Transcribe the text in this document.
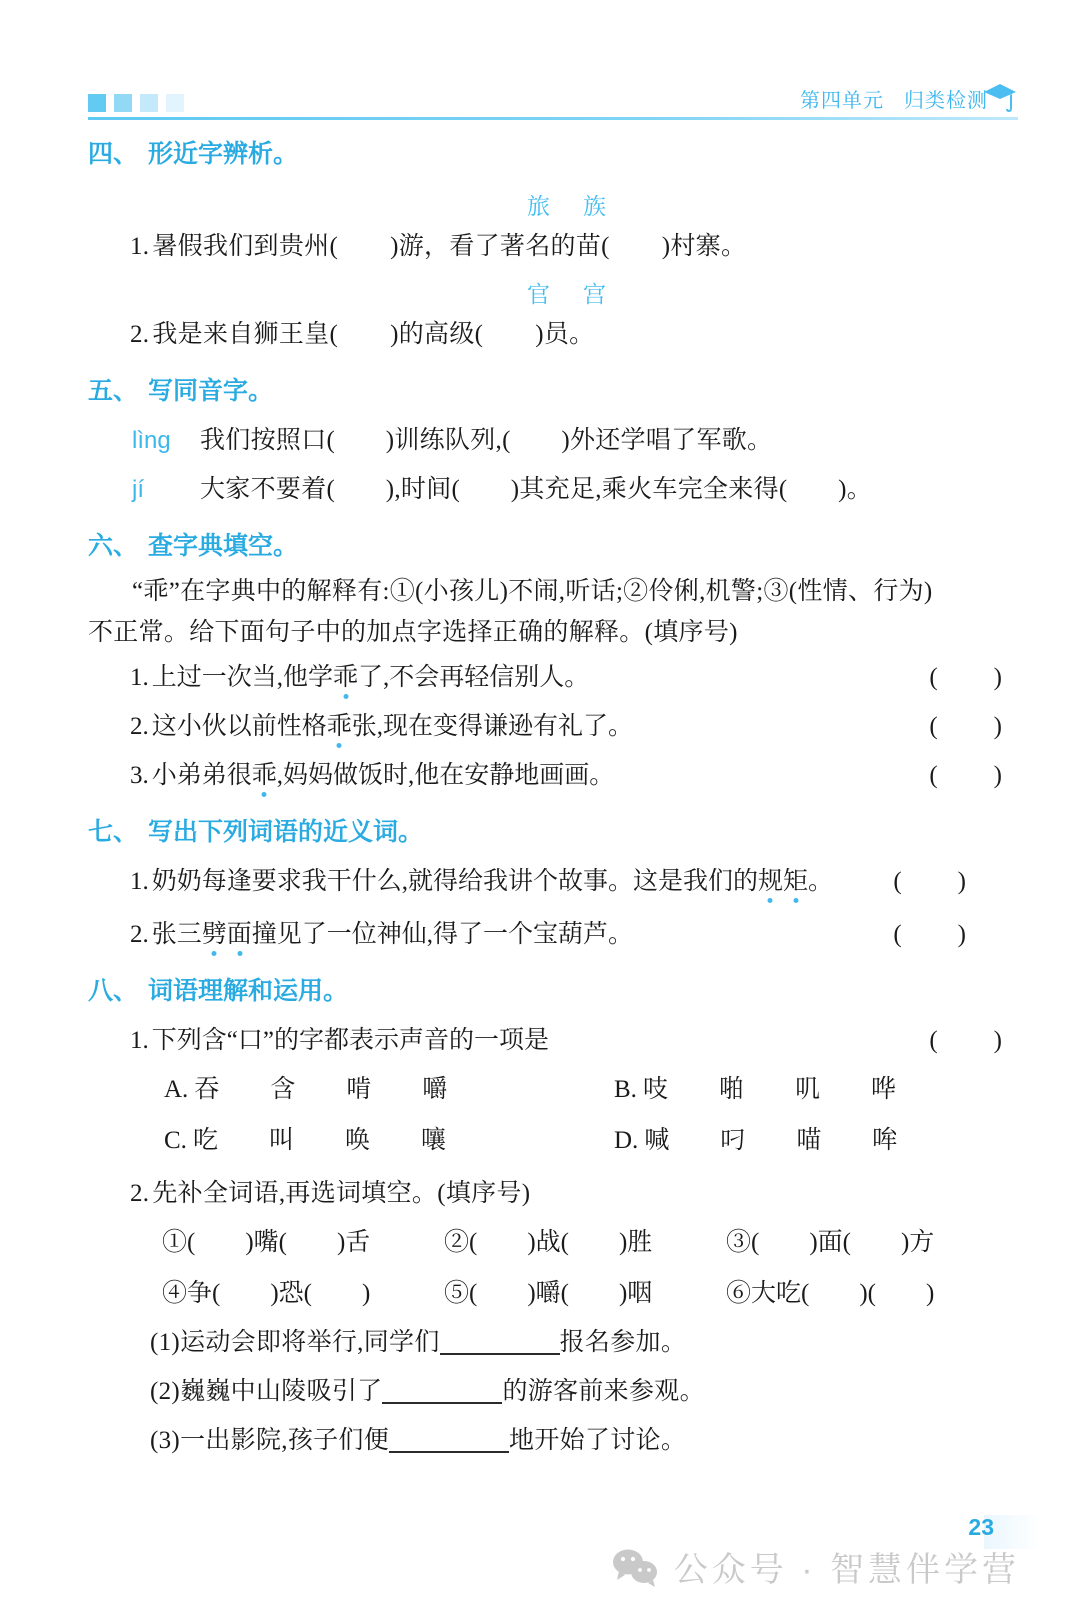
第四单元 归类检测
四、 形近字辨析。
旅 族
1. 暑假我们到贵州( )游，看了著名的苗( )村寨。
官 宫
2. 我是来自狮王皇( )的高级( )员。
五、 写同音字。
lìng	我们按照口(　　)训练队列,(　　)外还学唱了军歌。
jí	大家不要着(　　),时间(　　)其充足,乘火车完全来得(　　)。
六、 查字典填空。
“乖”在字典中的解释有:①(小孩儿)不闹,听话;②伶俐,机警;③(性情、行为)
不正常。给下面句子中的加点字选择正确的解释。(填序号)
1. 上过一次当,他学乖了,不会再轻信别人。	( )
2. 这小伙以前性格乖张,现在变得谦逊有礼了。	( )
3. 小弟弟很乖,妈妈做饭时,他在安静地画画。	( )
七、 写出下列词语的近义词。
1. 奶奶每逢要求我干什么,就得给我讲个故事。这是我们的规矩。 ( )
2. 张三劈面撞见了一位神仙,得了一个宝葫芦。	( )
八、 词语理解和运用。
1. 下列含“口”的字都表示声音的一项是	( )
A. 吞 含 啃 嚼	B. 吱 啪 叽 哗
C. 吃 叫 唤 嚷	D. 喊 叼 喵 哞
2. 先补全词语,再选词填空。(填序号)
①(　　)嘴(　　)舌	②(　　)战(　　)胜	③(　　)面(　　)方
④争(　　)恐(　　)	⑤(　　)嚼(　　)咽	⑥大吃(　　)(　　)
(1)运动会即将举行,同学们	报名参加。
(2)巍巍中山陵吸引了	的游客前来参观。
(3)一出影院,孩子们便	地开始了讨论。
23
公众号 · 智慧伴学营
